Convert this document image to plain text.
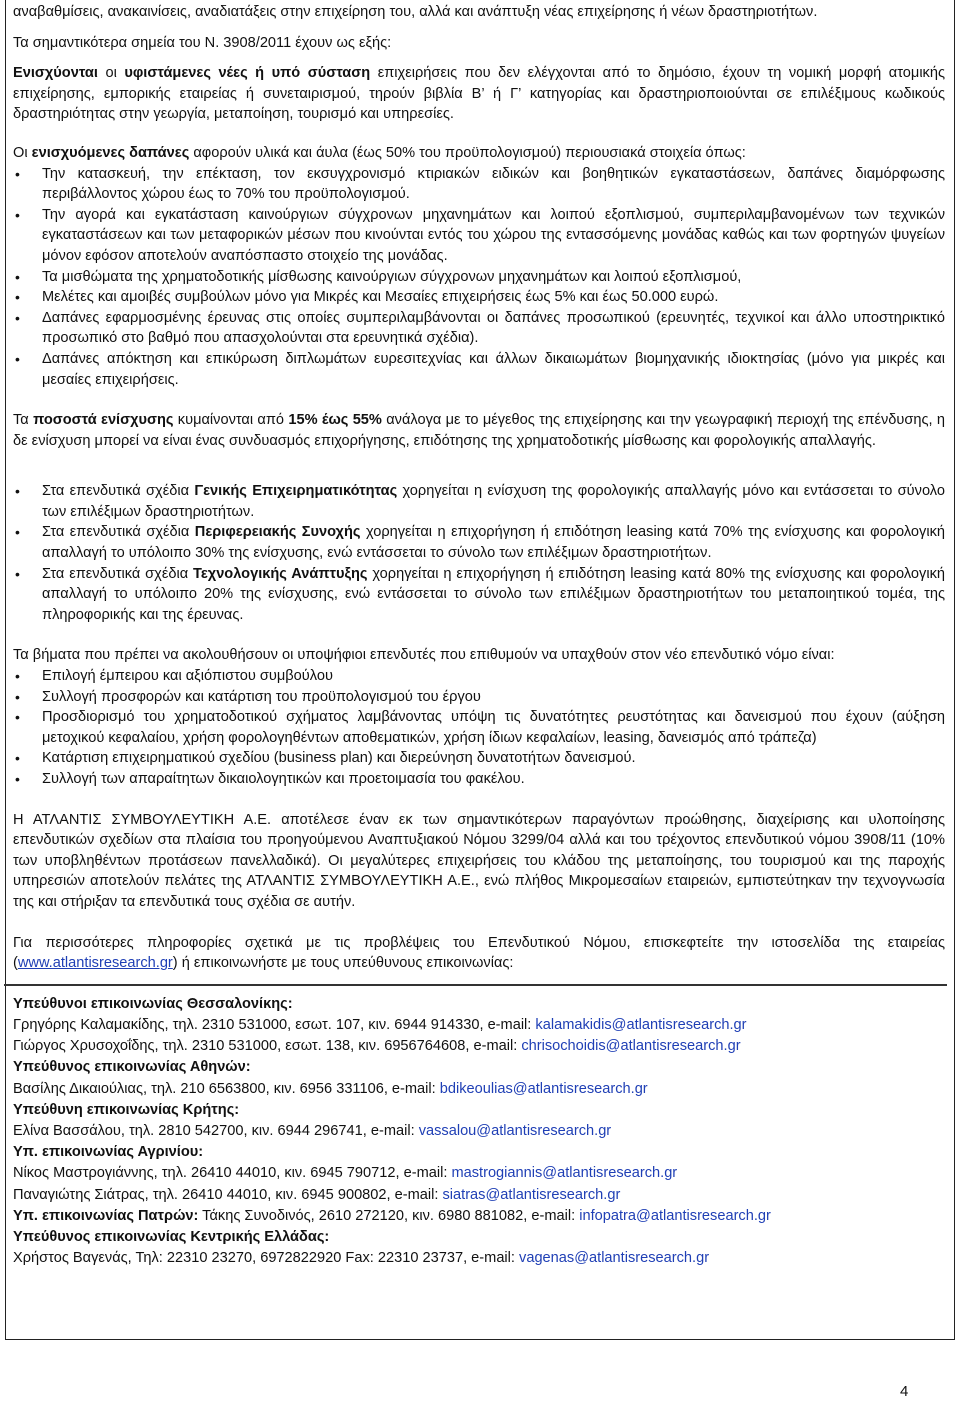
αναβαθμίσεις, ανακαινίσεις, αναδιατάξεις στην επιχείρηση του, αλλά και ανάπτυξη νέας επιχείρησης ή νέων δραστηριοτήτων.

Τα σημαντικότερα σημεία του Ν. 3908/2011 έχουν ως εξής:

Ενισχύονται οι υφιστάμενες νέες ή υπό σύσταση επιχειρήσεις που δεν ελέγχονται από το δημόσιο, έχουν τη νομική μορφή ατομικής επιχείρησης, εμπορικής εταιρείας ή συνεταιρισμού, τηρούν βιβλία Β’ ή Γ’ κατηγορίας και δραστηριοποιούνται σε επιλέξιμους κωδικούς δραστηριότητας στην γεωργία, μεταποίηση, τουρισμό και υπηρεσίες.

Οι ενισχυόμενες δαπάνες αφορούν υλικά και άυλα (έως 50% του προϋπολογισμού) περιουσιακά στοιχεία όπως:

• Την κατασκευή, την επέκταση, τον εκσυγχρονισμό κτιριακών ειδικών και βοηθητικών εγκαταστάσεων, δαπάνες διαμόρφωσης περιβάλλοντος χώρου έως το 70% του προϋπολογισμού.
• Την αγορά και εγκατάσταση καινούργιων σύγχρονων μηχανημάτων και λοιπού εξοπλισμού, συμπεριλαμβανομένων των τεχνικών εγκαταστάσεων και των μεταφορικών μέσων που κινούνται εντός του χώρου της εντασσόμενης μονάδας καθώς και των φορτηγών ψυγείων μόνον εφόσον αποτελούν αναπόσπαστο στοιχείο της μονάδας.
• Τα μισθώματα της χρηματοδοτικής μίσθωσης καινούργιων σύγχρονων μηχανημάτων και λοιπού εξοπλισμού,
• Μελέτες και αμοιβές συμβούλων μόνο για Μικρές και Μεσαίες επιχειρήσεις έως 5% και έως 50.000 ευρώ.
• Δαπάνες εφαρμοσμένης έρευνας στις οποίες συμπεριλαμβάνονται οι δαπάνες προσωπικού (ερευνητές, τεχνικοί και άλλο υποστηρικτικό προσωπικό στο βαθμό που απασχολούνται στα ερευνητικά σχέδια).
• Δαπάνες απόκτηση και επικύρωση διπλωμάτων ευρεσιτεχνίας και άλλων δικαιωμάτων βιομηχανικής ιδιοκτησίας (μόνο για μικρές και μεσαίες επιχειρήσεις.

Τα ποσοστά ενίσχυσης κυμαίνονται από 15% έως 55% ανάλογα με το μέγεθος της επιχείρησης και την γεωγραφική περιοχή της επένδυσης, η δε ενίσχυση μπορεί να είναι ένας συνδυασμός επιχορήγησης, επιδότησης της χρηματοδοτικής μίσθωσης και φορολογικής απαλλαγής.

• Στα επενδυτικά σχέδια Γενικής Επιχειρηματικότητας χορηγείται η ενίσχυση της φορολογικής απαλλαγής μόνο και εντάσσεται το σύνολο των επιλέξιμων δραστηριοτήτων.
• Στα επενδυτικά σχέδια Περιφερειακής Συνοχής χορηγείται η επιχορήγηση ή επιδότηση leasing κατά 70% της ενίσχυσης και φορολογική απαλλαγή το υπόλοιπο 30% της ενίσχυσης, ενώ εντάσσεται το σύνολο των επιλέξιμων δραστηριοτήτων.
• Στα επενδυτικά σχέδια Τεχνολογικής Ανάπτυξης χορηγείται η επιχορήγηση ή επιδότηση leasing κατά 80% της ενίσχυσης και φορολογική απαλλαγή το υπόλοιπο 20% της ενίσχυσης, ενώ εντάσσεται το σύνολο των επιλέξιμων δραστηριοτήτων του μεταποιητικού τομέα, της πληροφορικής και της έρευνας.

Τα βήματα που πρέπει να ακολουθήσουν οι υποψήφιοι επενδυτές που επιθυμούν να υπαχθούν στον νέο επενδυτικό νόμο είναι:

• Επιλογή έμπειρου και αξιόπιστου συμβούλου
• Συλλογή προσφορών και κατάρτιση του προϋπολογισμού του έργου
• Προσδιορισμό του χρηματοδοτικού σχήματος λαμβάνοντας υπόψη τις δυνατότητες ρευστότητας και δανεισμού που έχουν (αύξηση μετοχικού κεφαλαίου, χρήση φορολογηθέντων αποθεματικών, χρήση ίδιων κεφαλαίων, leasing, δανεισμός από τράπεζα)
• Κατάρτιση επιχειρηματικού σχεδίου (business plan) και διερεύνηση δυνατοτήτων δανεισμού.
• Συλλογή των απαραίτητων δικαιολογητικών και προετοιμασία του φακέλου.

Η ΑΤΛΑΝΤΙΣ ΣΥΜΒΟΥΛΕΥΤΙΚΗ Α.Ε. αποτέλεσε έναν εκ των σημαντικότερων παραγόντων προώθησης, διαχείρισης και υλοποίησης επενδυτικών σχεδίων στα πλαίσια του προηγούμενου Αναπτυξιακού Νόμου 3299/04 αλλά και του τρέχοντος επενδυτικού νόμου 3908/11 (10% των υποβληθέντων προτάσεων πανελλαδικά). Οι μεγαλύτερες επιχειρήσεις του κλάδου της μεταποίησης, του τουρισμού και της παροχής υπηρεσιών αποτελούν πελάτες της ΑΤΛΑΝΤΙΣ ΣΥΜΒΟΥΛΕΥΤΙΚΗ Α.Ε., ενώ πλήθος Μικρομεσαίων εταιρειών, εμπιστεύτηκαν την τεχνογνωσία της και στήριξαν τα επενδυτικά τους σχέδια σε αυτήν.

Για περισσότερες πληροφορίες σχετικά με τις προβλέψεις του Επενδυτικού Νόμου, επισκεφτείτε την ιστοσελίδα της εταιρείας (www.atlantisresearch.gr) ή επικοινωνήστε με τους υπεύθυνους επικοινωνίας:

Υπεύθυνοι επικοινωνίας Θεσσαλονίκης:

Γρηγόρης Καλαμακίδης, τηλ. 2310 531000, εσωτ. 107, κιν. 6944 914330, e-mail: kalamakidis@atlantisresearch.gr

Γιώργος Χρυσοχοΐδης, τηλ. 2310 531000, εσωτ. 138, κιν. 6956764608, e-mail: chrisochoidis@atlantisresearch.gr

Υπεύθυνος επικοινωνίας Αθηνών:

Βασίλης Δικαιούλιας, τηλ. 210 6563800, κιν. 6956 331106, e-mail: bdikeoulias@atlantisresearch.gr

Υπεύθυνη επικοινωνίας Κρήτης:

Ελίνα Βασσάλου, τηλ. 2810 542700, κιν. 6944 296741, e-mail: vassalou@atlantisresearch.gr

Υπ. επικοινωνίας Αγρινίου:

Νίκος Μαστρογιάννης, τηλ. 26410 44010, κιν. 6945 790712, e-mail: mastrogiannis@atlantisresearch.gr

Παναγιώτης Σιάτρας, τηλ. 26410 44010, κιν. 6945 900802, e-mail: siatras@atlantisresearch.gr

Υπ. επικοινωνίας Πατρών: Τάκης Συνοδινός, 2610 272120, κιν. 6980 881082, e-mail: infopatra@atlantisresearch.gr

Υπεύθυνος επικοινωνίας Κεντρικής Ελλάδας:

Χρήστος Βαγενάς, Τηλ: 22310 23270, 6972822920 Fax: 22310 23737, e-mail: vagenas@atlantisresearch.gr

4
